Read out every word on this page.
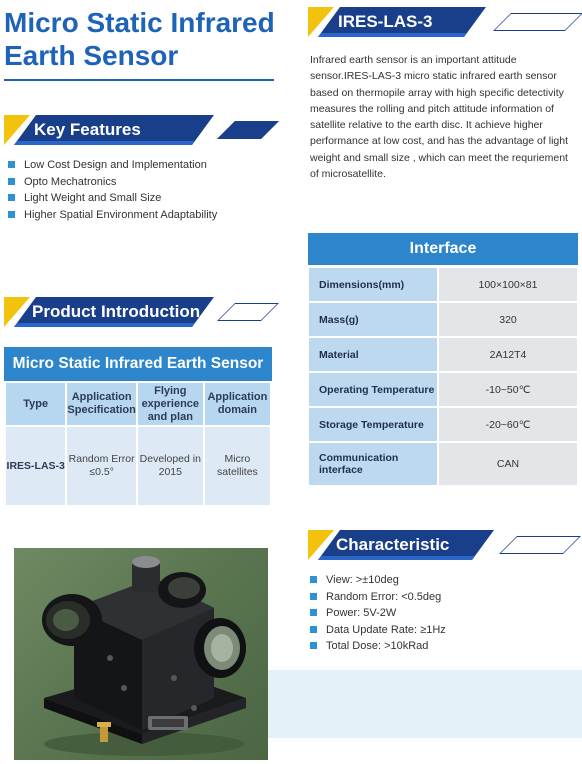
Micro Static Infrared Earth Sensor
IRES-LAS-3
Infrared earth sensor is an important attitude sensor.IRES-LAS-3 micro static infrared earth sensor based on thermopile array with high specific detectivity measures the rolling and pitch attitude information of satellite relative to the earth disc. It achieve higher performance at low cost, and has the advantage of light weight and small size , which can meet the requriement of microsatellite.
Key Features
Low Cost Design and Implementation
Opto Mechatronics
Light Weight and Small Size
Higher Spatial Environment Adaptability
Interface
Dimensions(mm)	100×100×81
Mass(g)	320
Material	2A12T4
Operating Temperature	-10~50℃
Storage Temperature	-20~60℃
Communication interface	CAN
Product Introduction
Micro Static Infrared Earth Sensor
Type	Application Specification	Flying experience and plan	Application domain
IRES-LAS-3	Random Error ≤0.5°	Developed in 2015	Micro satellites
Characteristic
View: >±10deg
Random Error: <0.5deg
Power: 5V-2W
Data Update Rate: ≥1Hz
Total Dose: >10kRad
